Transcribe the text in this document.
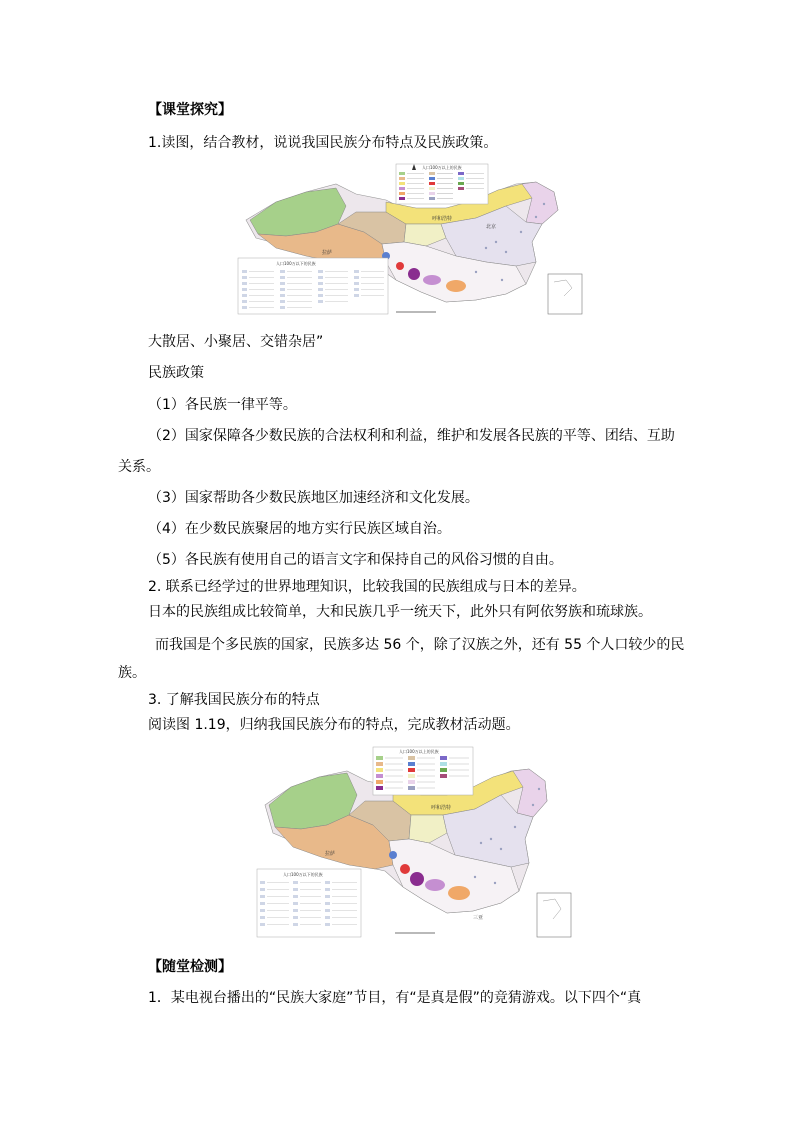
【课堂探究】
1.读图，结合教材，说说我国民族分布特点及民族政策。
人口100万以上的民族
人口100万以下的民族
拉萨
呼和浩特
北京
大散居、小聚居、交错杂居”
民族政策
（1）各民族一律平等。
（2）国家保障各少数民族的合法权利和利益，维护和发展各民族的平等、团结、互助
关系。
（3）国家帮助各少数民族地区加速经济和文化发展。
（4）在少数民族聚居的地方实行民族区域自治。
（5）各民族有使用自己的语言文字和保持自己的风俗习惯的自由。
2. 联系已经学过的世界地理知识，比较我国的民族组成与日本的差异。
日本的民族组成比较简单，大和民族几乎一统天下，此外只有阿依努族和琉球族。
而我国是个多民族的国家，民族多达 56 个，除了汉族之外，还有 55 个人口较少的民
族。
3. 了解我国民族分布的特点
阅读图 1.19，归纳我国民族分布的特点，完成教材活动题。
人口100万以上的民族
人口100万以下的民族
拉萨
呼和浩特
三亚
【随堂检测】
1．某电视台播出的“民族大家庭”节目，有“是真是假”的竞猜游戏。以下四个“真
